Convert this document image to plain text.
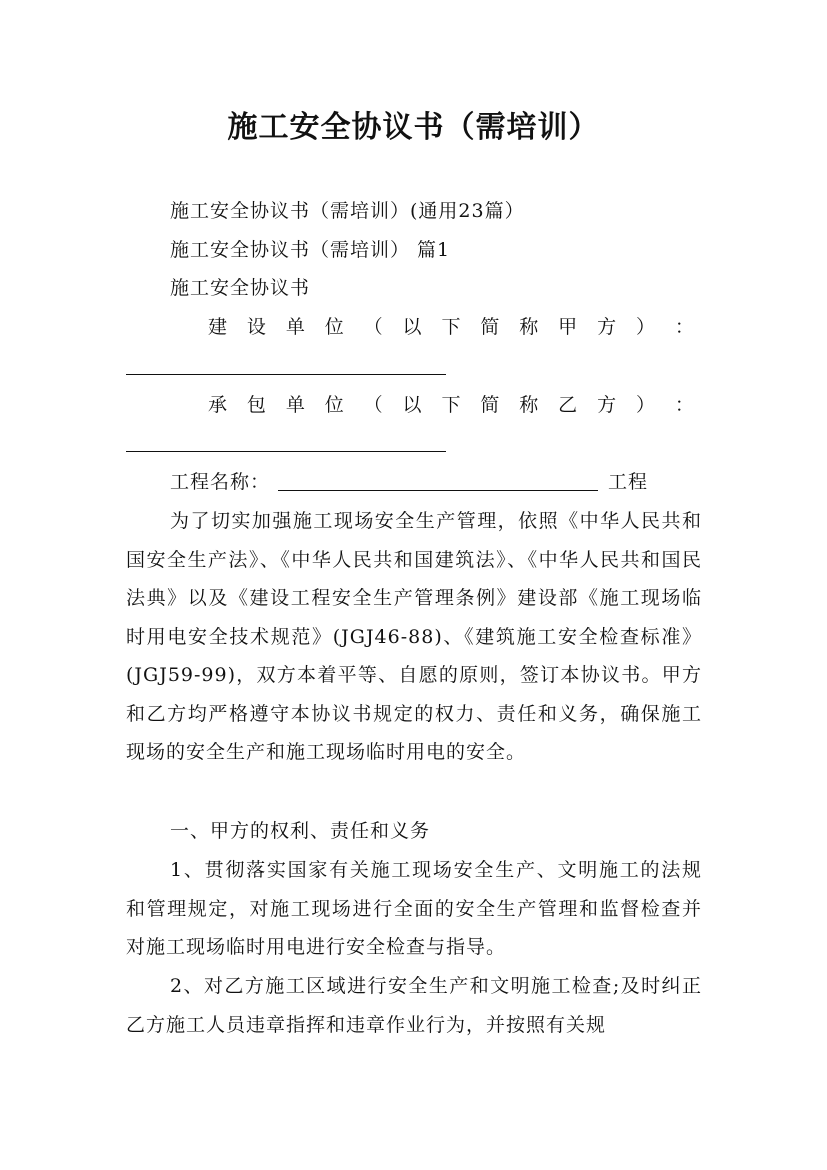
施工安全协议书（需培训）
施工安全协议书（需培训）(通用23篇）
施工安全协议书（需培训） 篇1
施工安全协议书
建 设 单 位 （ 以 下 简 称 甲 方 ） ：
承 包 单 位 （ 以 下 简 称 乙 方 ） ：
工程名称：	工程
为了切实加强施工现场安全生产管理，依照《中华人民共和国安全生产法》、《中华人民共和国建筑法》、《中华人民共和国民法典》以及《建设工程安全生产管理条例》建设部《施工现场临时用电安全技术规范》(JGJ46-88)、《建筑施工安全检查标准》(JGJ59-99)，双方本着平等、自愿的原则，签订本协议书。甲方和乙方均严格遵守本协议书规定的权力、责任和义务，确保施工现场的安全生产和施工现场临时用电的安全。
一、甲方的权利、责任和义务
1、贯彻落实国家有关施工现场安全生产、文明施工的法规和管理规定，对施工现场进行全面的安全生产管理和监督检查并对施工现场临时用电进行安全检查与指导。
2、对乙方施工区域进行安全生产和文明施工检查;及时纠正乙方施工人员违章指挥和违章作业行为，并按照有关规
